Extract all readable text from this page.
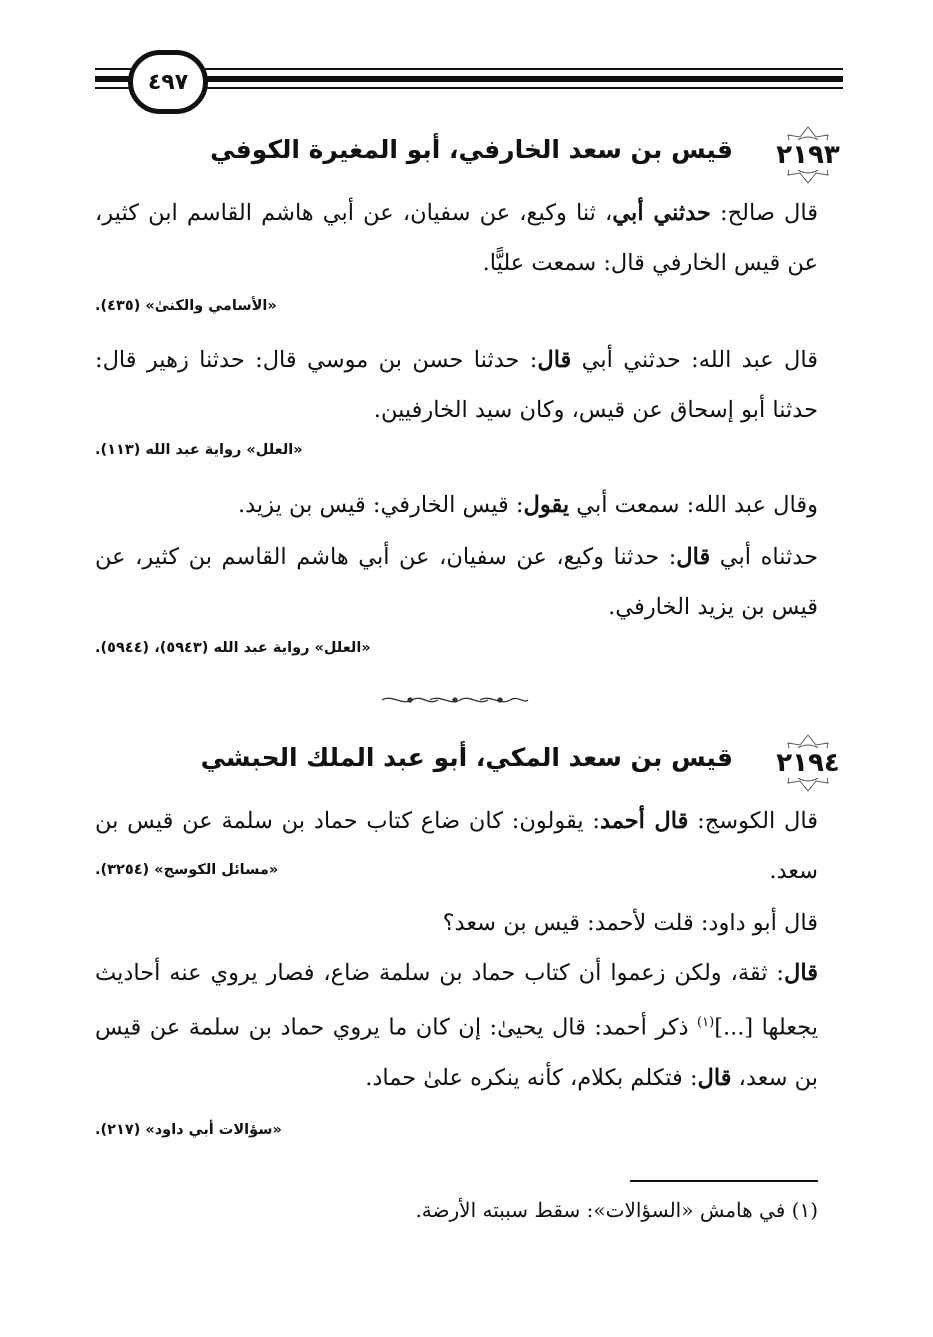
٤٩٧
٢١٩٣
قيس بن سعد الخارفي، أبو المغيرة الكوفي
قال صالح: حدثني أبي، ثنا وكيع، عن سفيان، عن أبي هاشم القاسم ابن كثير، عن قيس الخارفي قال: سمعت عليًّا.
«الأسامي والكنىٰ» (٤٣٥).
قال عبد الله: حدثني أبي قال: حدثنا حسن بن موسي قال: حدثنا زهير قال: حدثنا أبو إسحاق عن قيس، وكان سيد الخارفيين.
«العلل» رواية عبد الله (١١٣).
وقال عبد الله: سمعت أبي يقول: قيس الخارفي: قيس بن يزيد.
حدثناه أبي قال: حدثنا وكيع، عن سفيان، عن أبي هاشم القاسم بن كثير، عن قيس بن يزيد الخارفي.
«العلل» رواية عبد الله (٥٩٤٣)، (٥٩٤٤).
٢١٩٤
قيس بن سعد المكي، أبو عبد الملك الحبشي
قال الكوسج: قال أحمد: يقولون: كان ضاع كتاب حماد بن سلمة عن قيس بن سعد.
«مسائل الكوسج» (٣٢٥٤).
قال أبو داود: قلت لأحمد: قيس بن سعد؟
قال: ثقة، ولكن زعموا أن كتاب حماد بن سلمة ضاع، فصار يروي عنه أحاديث يجعلها [...]$^{(١)}$ ذكر أحمد: قال يحيىٰ: إن كان ما يروي حماد بن سلمة عن قيس بن سعد، قال: فتكلم بكلام، كأنه ينكره علىٰ حماد.
«سؤالات أبي داود» (٢١٧).
(١) في هامش «السؤالات»: سقط سببته الأرضة.
